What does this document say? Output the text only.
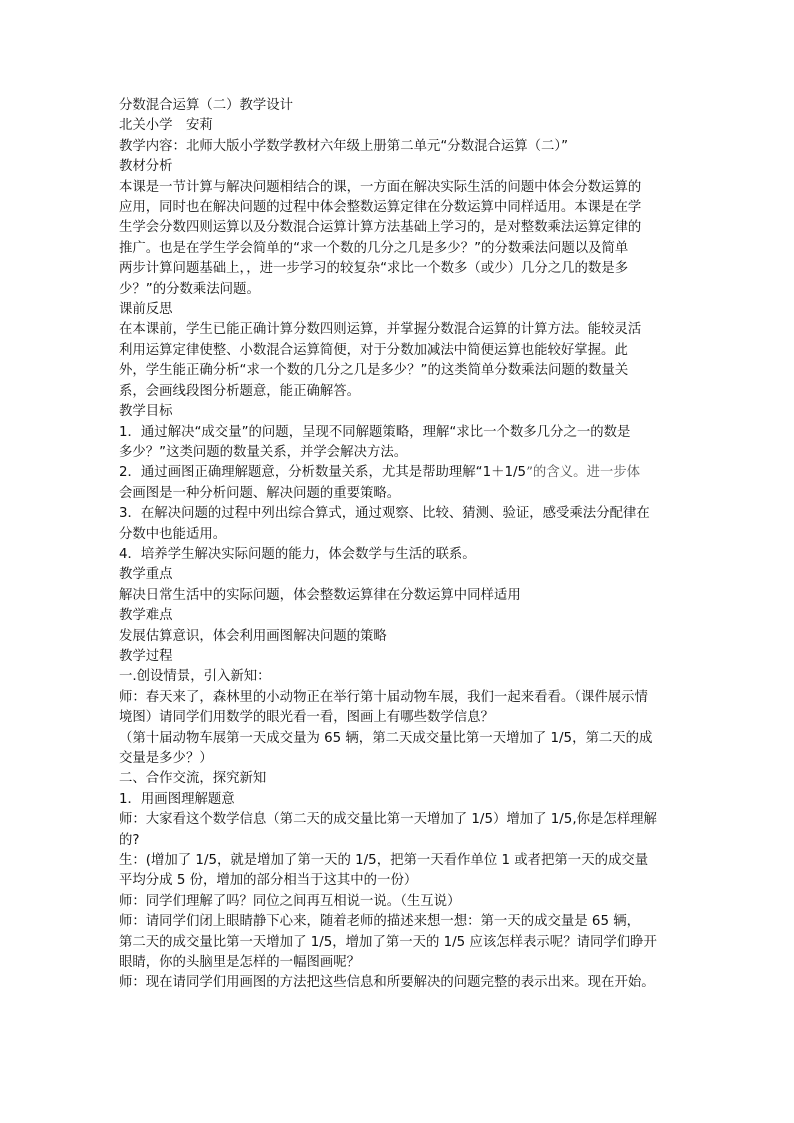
分数混合运算（二）教学设计
北关小学　安莉
教学内容：北师大版小学数学教材六年级上册第二单元“分数混合运算（二）”
教材分析
本课是一节计算与解决问题相结合的课，一方面在解决实际生活的问题中体会分数运算的
应用，同时也在解决问题的过程中体会整数运算定律在分数运算中同样适用。本课是在学
生学会分数四则运算以及分数混合运算计算方法基础上学习的，是对整数乘法运算定律的
推广。也是在学生学会简单的“求一个数的几分之几是多少？”的分数乘法问题以及简单
两步计算问题基础上，，进一步学习的较复杂“求比一个数多（或少）几分之几的数是多
少？”的分数乘法问题。
课前反思
在本课前，学生已能正确计算分数四则运算，并掌握分数混合运算的计算方法。能较灵活
利用运算定律使整、小数混合运算简便，对于分数加减法中简便运算也能较好掌握。此
外，学生能正确分析“求一个数的几分之几是多少？”的这类简单分数乘法问题的数量关
系，会画线段图分析题意，能正确解答。
教学目标
1．通过解决“成交量”的问题，呈现不同解题策略，理解“求比一个数多几分之一的数是
多少？”这类问题的数量关系，并学会解决方法。
2．通过画图正确理解题意，分析数量关系，尤其是帮助理解“1＋1/5”的含义。进一步体
会画图是一种分析问题、解决问题的重要策略。
3．在解决问题的过程中列出综合算式，通过观察、比较、猜测、验证，感受乘法分配律在
分数中也能适用。
4．培养学生解决实际问题的能力，体会数学与生活的联系。
教学重点
解决日常生活中的实际问题，体会整数运算律在分数运算中同样适用
教学难点
发展估算意识，体会利用画图解决问题的策略
教学过程
一.创设情景，引入新知：
师：春天来了，森林里的小动物正在举行第十届动物车展，我们一起来看看。（课件展示情
境图）请同学们用数学的眼光看一看，图画上有哪些数学信息？
（第十届动物车展第一天成交量为 65 辆，第二天成交量比第一天增加了 1/5，第二天的成
交量是多少？）
二、合作交流，探究新知
1．用画图理解题意
师：大家看这个数学信息（第二天的成交量比第一天增加了 1/5）增加了 1/5,你是怎样理解
的?
生：(增加了 1/5，就是增加了第一天的 1/5，把第一天看作单位 1 或者把第一天的成交量
平均分成 5 份，增加的部分相当于这其中的一份）
师：同学们理解了吗？同位之间再互相说一说。（生互说）
师：请同学们闭上眼睛静下心来，随着老师的描述来想一想：第一天的成交量是 65 辆，
第二天的成交量比第一天增加了 1/5，增加了第一天的 1/5 应该怎样表示呢？请同学们睁开
眼睛，你的头脑里是怎样的一幅图画呢？
师：现在请同学们用画图的方法把这些信息和所要解决的问题完整的表示出来。现在开始。
